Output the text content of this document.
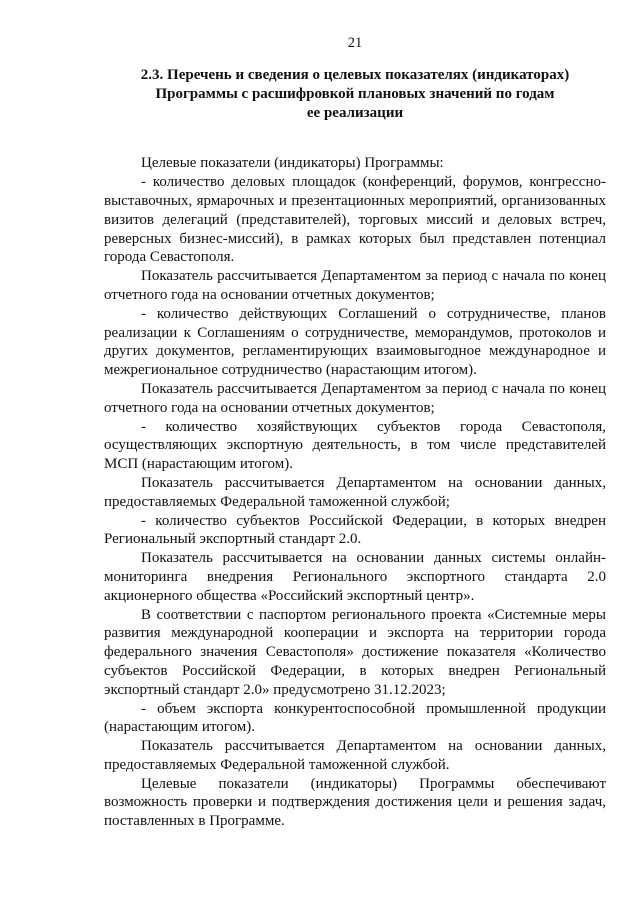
21
2.3. Перечень и сведения о целевых показателях (индикаторах)
Программы с расшифровкой плановых значений по годам
ее реализации

Целевые показатели (индикаторы) Программы:

- количество деловых площадок (конференций, форумов, конгрессно-выставочных, ярмарочных и презентационных мероприятий, организованных визитов делегаций (представителей), торговых миссий и деловых встреч, реверсных бизнес-миссий), в рамках которых был представлен потенциал города Севастополя.

Показатель рассчитывается Департаментом за период с начала по конец отчетного года на основании отчетных документов;

- количество действующих Соглашений о сотрудничестве, планов реализации к Соглашениям о сотрудничестве, меморандумов, протоколов и других документов, регламентирующих взаимовыгодное международное и межрегиональное сотрудничество (нарастающим итогом).

Показатель рассчитывается Департаментом за период с начала по конец отчетного года на основании отчетных документов;

- количество хозяйствующих субъектов города Севастополя, осуществляющих экспортную деятельность, в том числе представителей МСП (нарастающим итогом).

Показатель рассчитывается Департаментом на основании данных, предоставляемых Федеральной таможенной службой;

- количество субъектов Российской Федерации, в которых внедрен Региональный экспортный стандарт 2.0.

Показатель рассчитывается на основании данных системы онлайн-мониторинга внедрения Регионального экспортного стандарта 2.0 акционерного общества «Российский экспортный центр».

В соответствии с паспортом регионального проекта «Системные меры развития международной кооперации и экспорта на территории города федерального значения Севастополя» достижение показателя «Количество субъектов Российской Федерации, в которых внедрен Региональный экспортный стандарт 2.0» предусмотрено 31.12.2023;

- объем экспорта конкурентоспособной промышленной продукции (нарастающим итогом).

Показатель рассчитывается Департаментом на основании данных, предоставляемых Федеральной таможенной службой.

Целевые показатели (индикаторы) Программы обеспечивают возможность проверки и подтверждения достижения цели и решения задач, поставленных в Программе.
